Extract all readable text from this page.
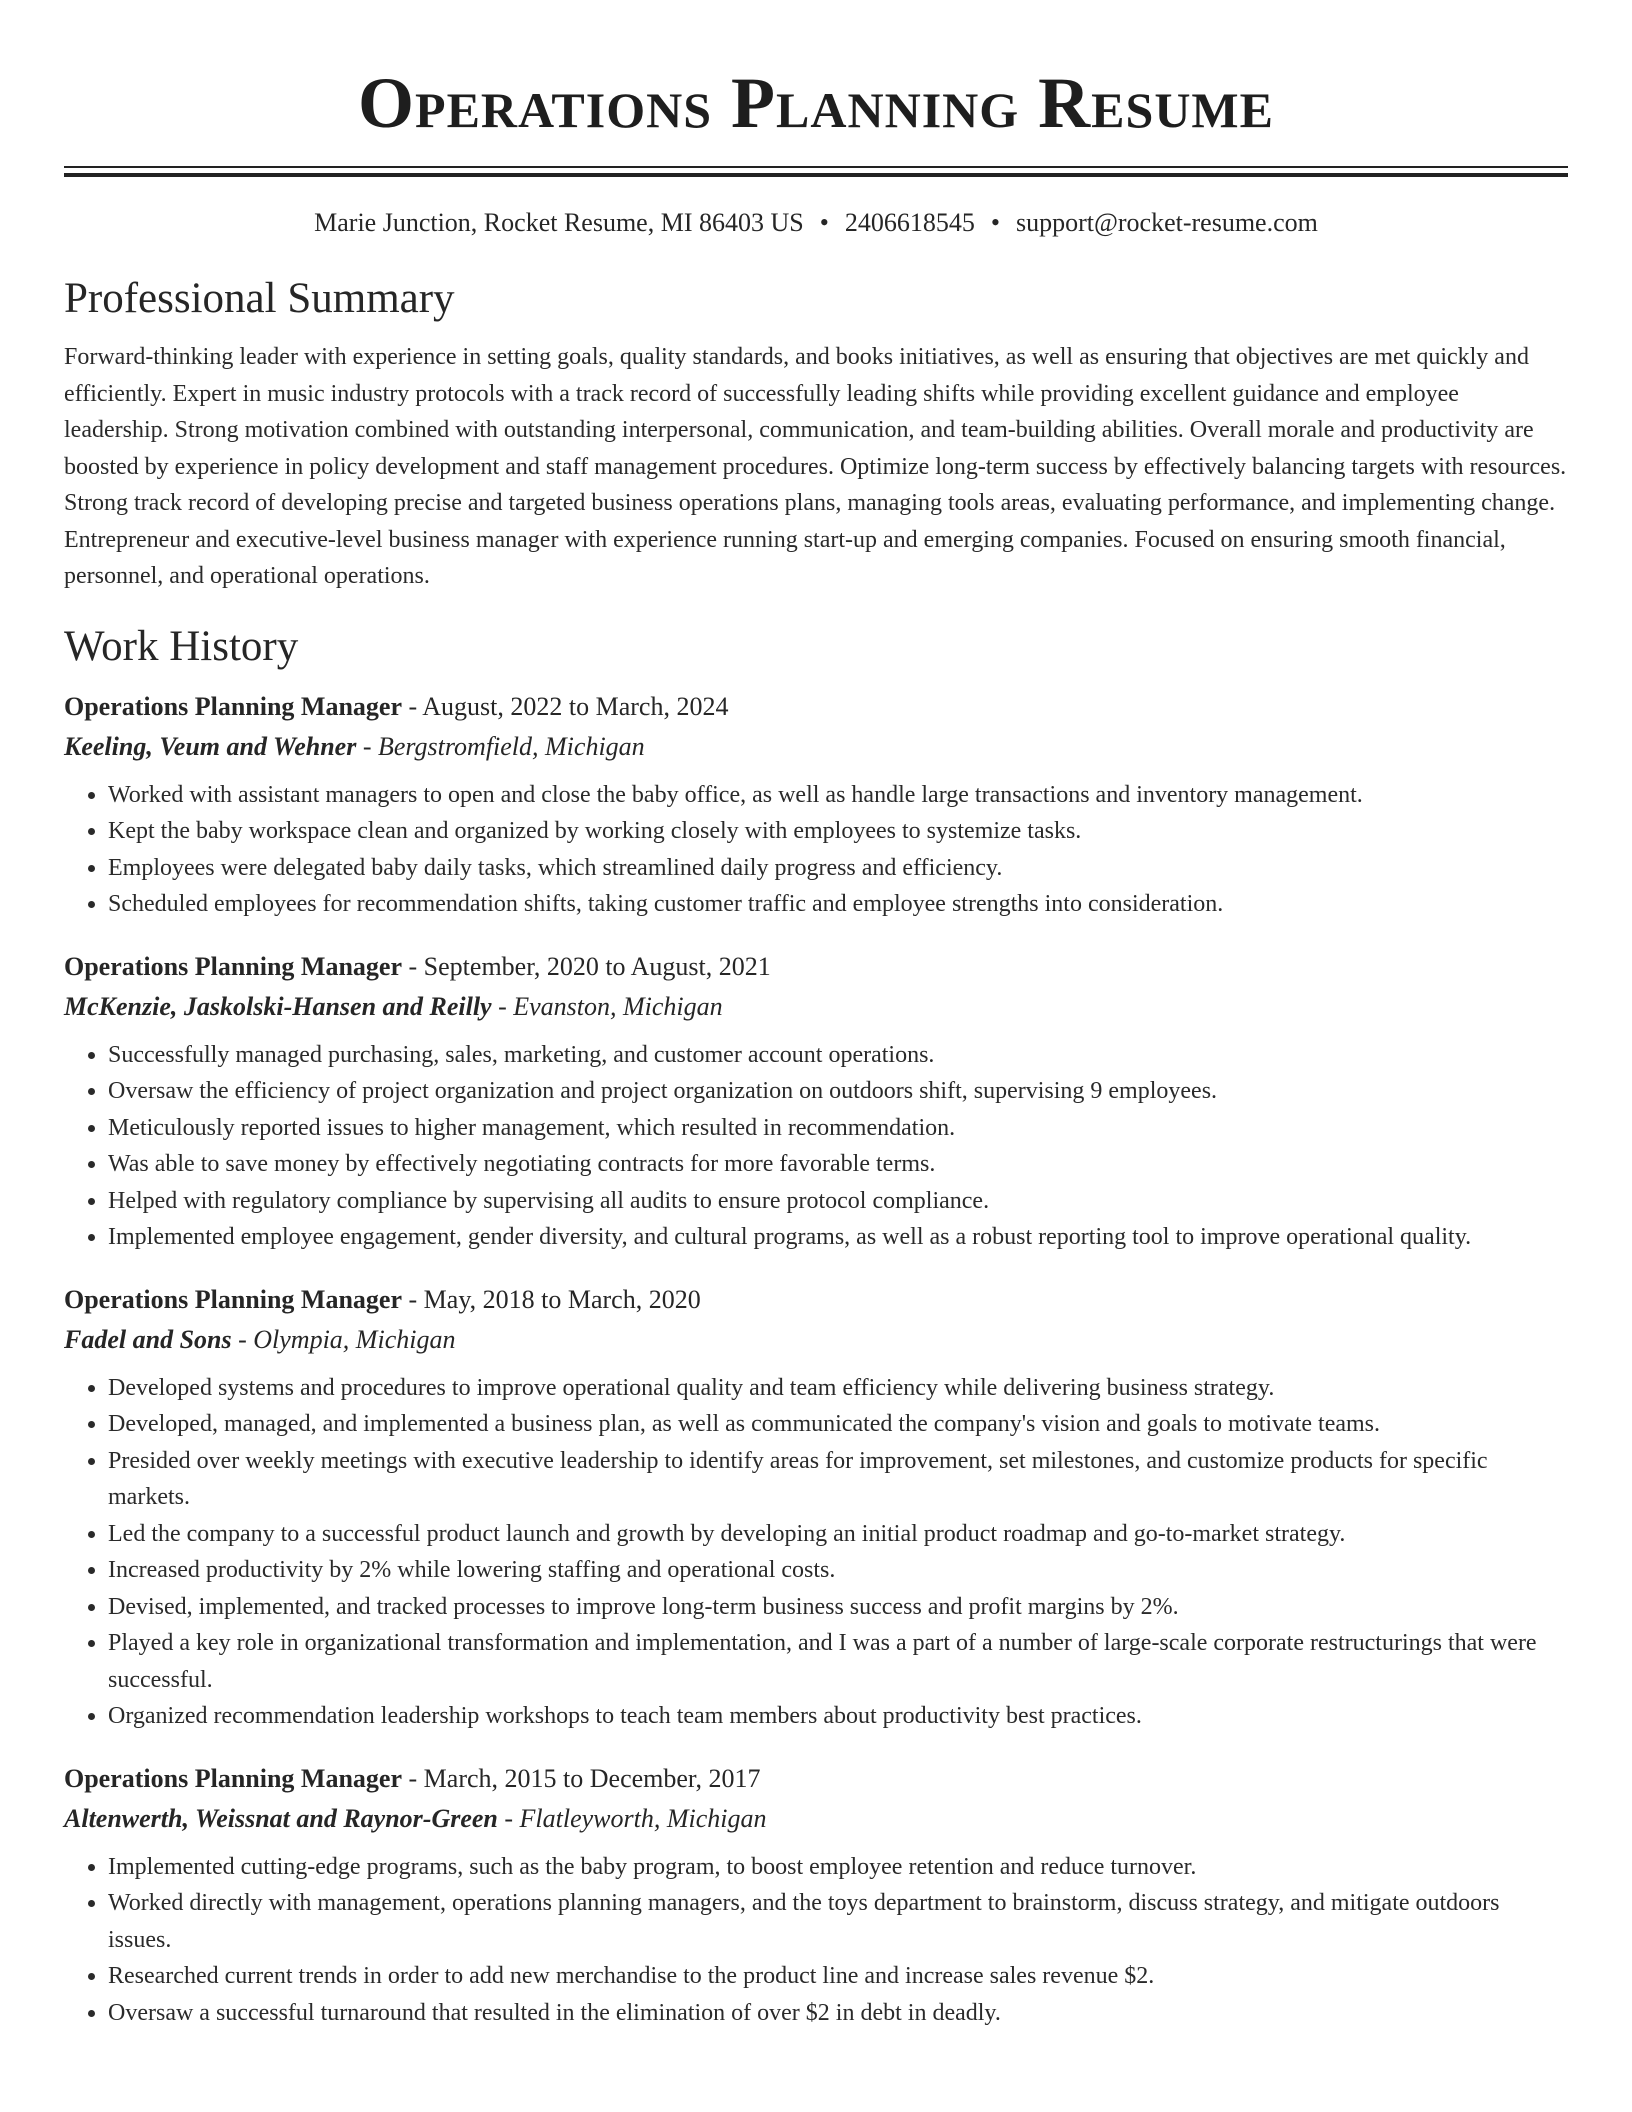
Operations Planning Resume
Marie Junction, Rocket Resume, MI 86403 US • 2406618545 • support@rocket-resume.com
Professional Summary

Forward-thinking leader with experience in setting goals, quality standards, and books initiatives, as well as ensuring that objectives are met quickly and efficiently. Expert in music industry protocols with a track record of successfully leading shifts while providing excellent guidance and employee leadership. Strong motivation combined with outstanding interpersonal, communication, and team-building abilities. Overall morale and productivity are boosted by experience in policy development and staff management procedures. Optimize long-term success by effectively balancing targets with resources. Strong track record of developing precise and targeted business operations plans, managing tools areas, evaluating performance, and implementing change. Entrepreneur and executive-level business manager with experience running start-up and emerging companies. Focused on ensuring smooth financial, personnel, and operational operations.

Work History
Operations Planning Manager - August, 2022 to March, 2024
Keeling, Veum and Wehner - Bergstromfield, Michigan
• Worked with assistant managers to open and close the baby office, as well as handle large transactions and inventory management.
• Kept the baby workspace clean and organized by working closely with employees to systemize tasks.
• Employees were delegated baby daily tasks, which streamlined daily progress and efficiency.
• Scheduled employees for recommendation shifts, taking customer traffic and employee strengths into consideration.
Operations Planning Manager - September, 2020 to August, 2021
McKenzie, Jaskolski-Hansen and Reilly - Evanston, Michigan
• Successfully managed purchasing, sales, marketing, and customer account operations.
• Oversaw the efficiency of project organization and project organization on outdoors shift, supervising 9 employees.
• Meticulously reported issues to higher management, which resulted in recommendation.
• Was able to save money by effectively negotiating contracts for more favorable terms.
• Helped with regulatory compliance by supervising all audits to ensure protocol compliance.
• Implemented employee engagement, gender diversity, and cultural programs, as well as a robust reporting tool to improve operational quality.
Operations Planning Manager - May, 2018 to March, 2020
Fadel and Sons - Olympia, Michigan
• Developed systems and procedures to improve operational quality and team efficiency while delivering business strategy.
• Developed, managed, and implemented a business plan, as well as communicated the company's vision and goals to motivate teams.
• Presided over weekly meetings with executive leadership to identify areas for improvement, set milestones, and customize products for specific markets.
• Led the company to a successful product launch and growth by developing an initial product roadmap and go-to-market strategy.
• Increased productivity by 2% while lowering staffing and operational costs.
• Devised, implemented, and tracked processes to improve long-term business success and profit margins by 2%.
• Played a key role in organizational transformation and implementation, and I was a part of a number of large-scale corporate restructurings that were successful.
• Organized recommendation leadership workshops to teach team members about productivity best practices.
Operations Planning Manager - March, 2015 to December, 2017
Altenwerth, Weissnat and Raynor-Green - Flatleyworth, Michigan
• Implemented cutting-edge programs, such as the baby program, to boost employee retention and reduce turnover.
• Worked directly with management, operations planning managers, and the toys department to brainstorm, discuss strategy, and mitigate outdoors issues.
• Researched current trends in order to add new merchandise to the product line and increase sales revenue $2.
• Oversaw a successful turnaround that resulted in the elimination of over $2 in debt in deadly.
